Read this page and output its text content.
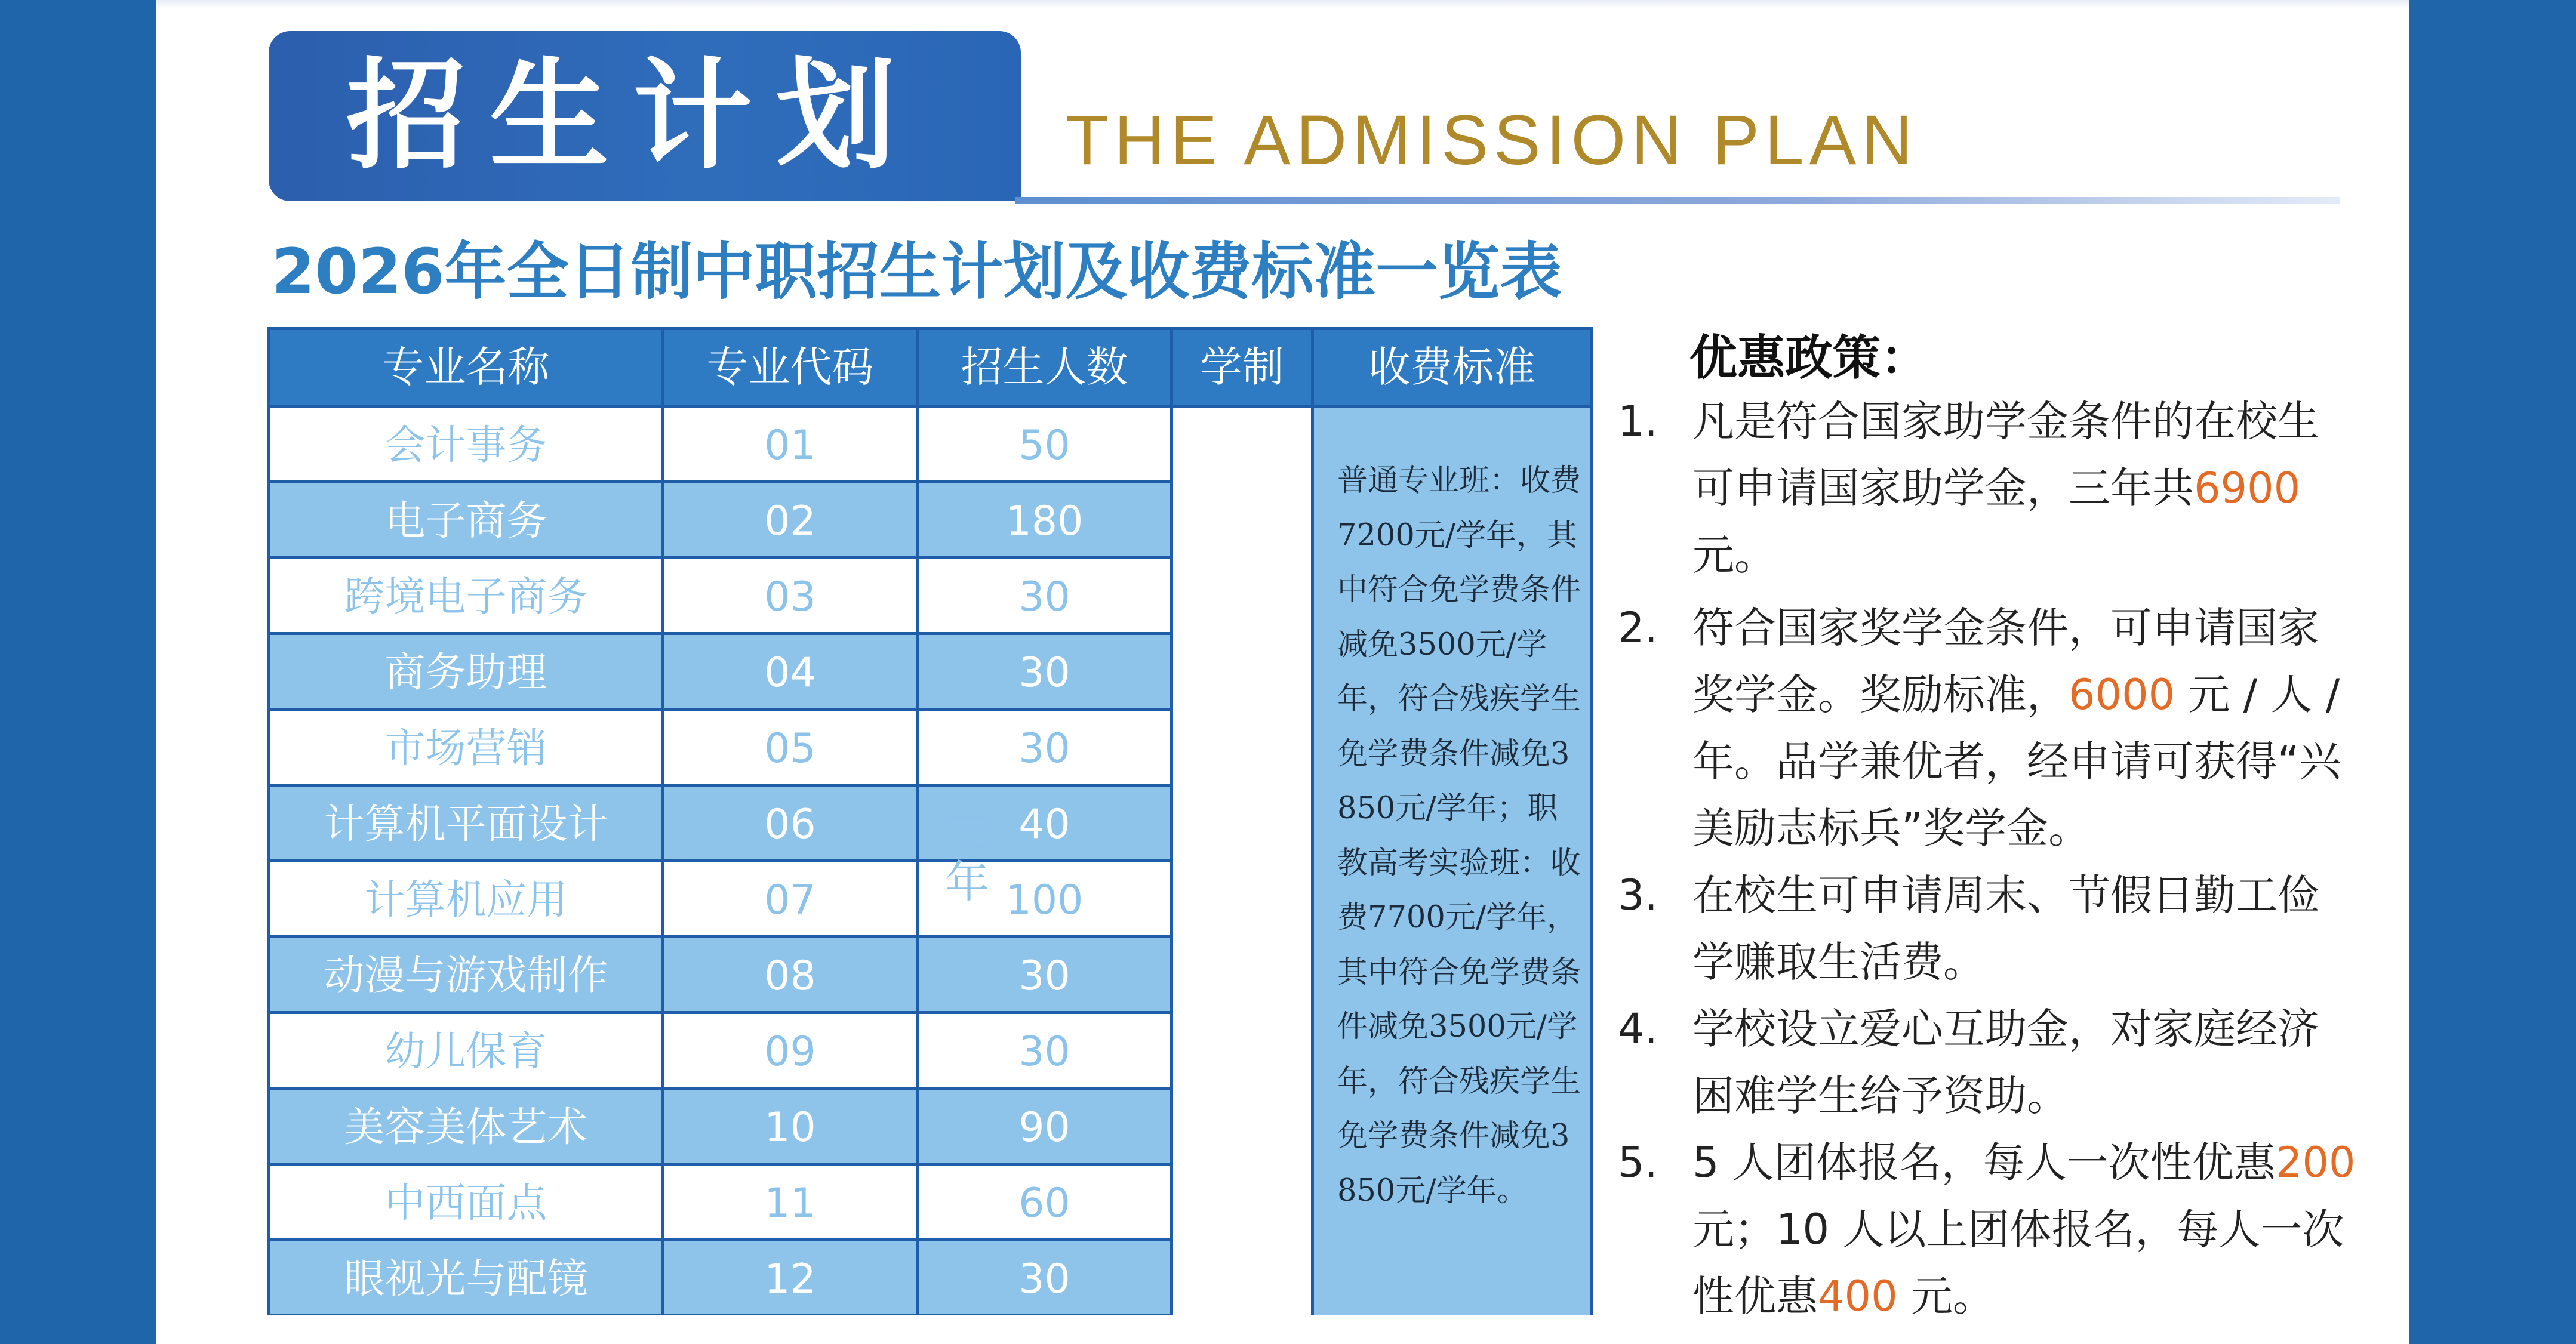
招生计划	THE ADMISSION PLAN
2026年全日制中职招生计划及收费标准一览表
专业名称	专业代码	招生人数	学制	收费标准
会计事务	01	50
电子商务	02	180
跨境电子商务	03	30
商务助理	04	30
市场营销	05	30
计算机平面设计	06	40
计算机应用	07	100
动漫与游戏制作	08	30
幼儿保育	09	30
美容美体艺术	10	90
中西面点	11	60
眼视光与配镜	12	30
三年
普通专业班：收费7200元/学年，其中符合免学费条件减免3500元/学年，符合残疾学生免学费条件减免3850元/学年；职教高考实验班：收费7700元/学年，其中符合免学费条件减免3500元/学年，符合残疾学生免学费条件减免3850元/学年。
优惠政策：
1. 凡是符合国家助学金条件的在校生可申请国家助学金，三年共6900 元。
2. 符合国家奖学金条件，可申请国家奖学金。奖励标准，6000 元 / 人 / 年。品学兼优者，经申请可获得“兴美励志标兵”奖学金。
3. 在校生可申请周末、节假日勤工俭学赚取生活费。
4. 学校设立爱心互助金，对家庭经济困难学生给予资助。
5. 5 人团体报名，每人一次性优惠200 元；10 人以上团体报名，每人一次性优惠400 元。
